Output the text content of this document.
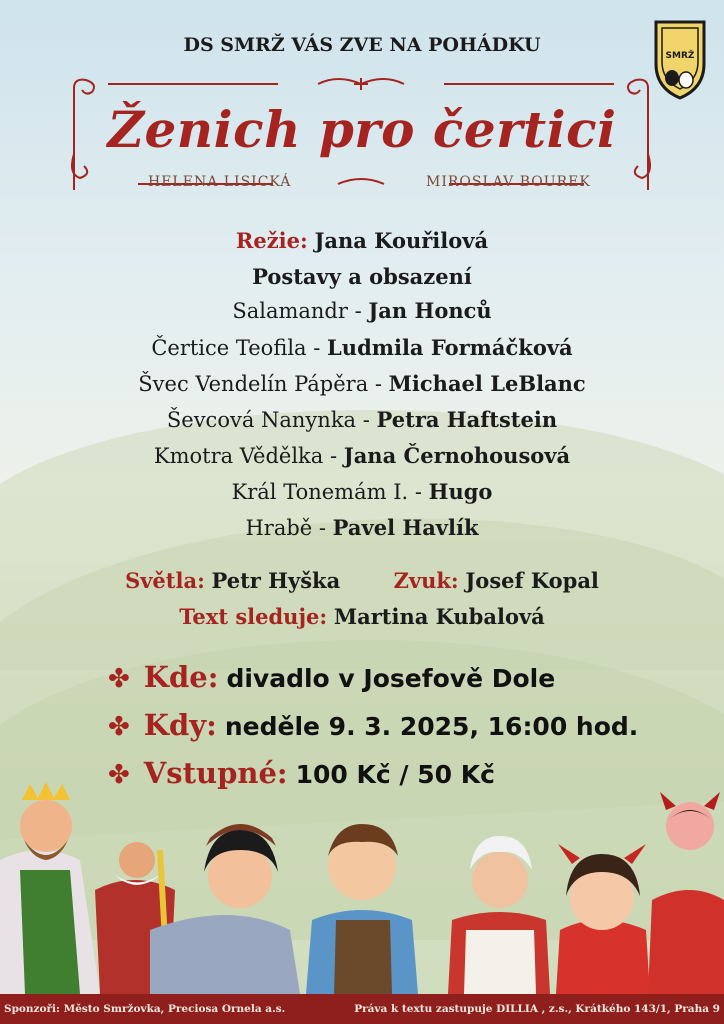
DS SMRŽ VÁS ZVE NA POHÁDKU	SMRŽ
Ženich pro čertici
HELENA LISICKÁ	MIROSLAV BOUREK
Režie: Jana Kouřilová
Postavy a obsazení
Salamandr - Jan Honců
Čertice Teofila - Ludmila Formáčková
Švec Vendelín Pápěra - Michael LeBlanc
Ševcová Nanynka - Petra Haftstein
Kmotra Vědělka - Jana Černohousová
Král Tonemám I. - Hugo
Hrabě - Pavel Havlík
Světla: Petr Hyška	Zvuk: Josef Kopal
Text sleduje: Martina Kubalová
✤ Kde: divadlo v Josefově Dole
✤ Kdy: neděle 9. 3. 2025, 16:00 hod.
✤ Vstupné: 100 Kč / 50 Kč
Sponzoři: Město Smržovka, Preciosa Ornela a.s.	Práva k textu zastupuje DILLIA , z.s., Krátkého 143/1, Praha 9
